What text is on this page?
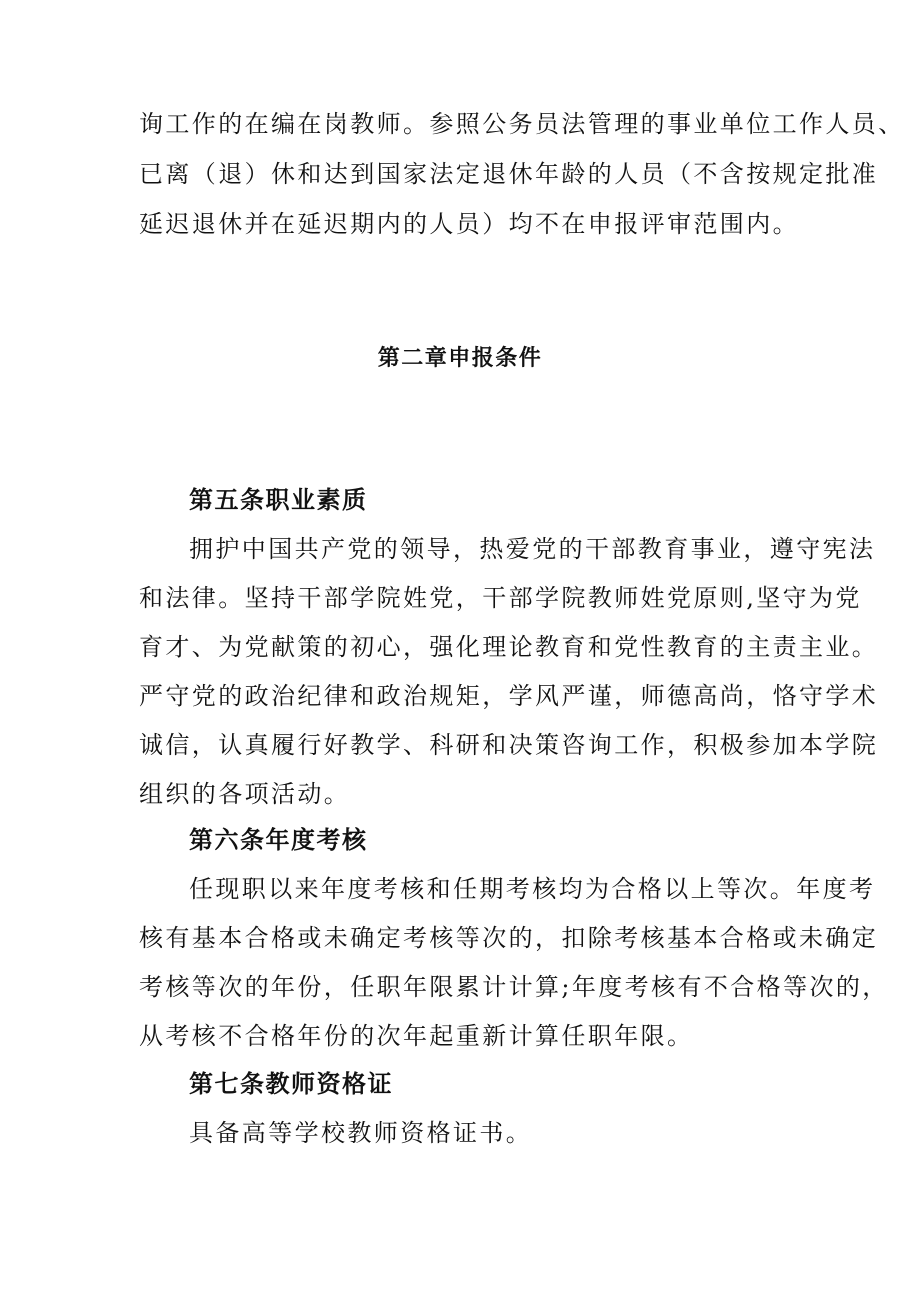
询工作的在编在岗教师。参照公务员法管理的事业单位工作人员、
已离（退）休和达到国家法定退休年龄的人员（不含按规定批准
延迟退休并在延迟期内的人员）均不在申报评审范围内。
第二章申报条件
第五条职业素质
拥护中国共产党的领导，热爱党的干部教育事业，遵守宪法
和法律。坚持干部学院姓党，干部学院教师姓党原则,坚守为党
育才、为党献策的初心，强化理论教育和党性教育的主责主业。
严守党的政治纪律和政治规矩，学风严谨，师德高尚，恪守学术
诚信，认真履行好教学、科研和决策咨询工作，积极参加本学院
组织的各项活动。
第六条年度考核
任现职以来年度考核和任期考核均为合格以上等次。年度考
核有基本合格或未确定考核等次的，扣除考核基本合格或未确定
考核等次的年份，任职年限累计计算;年度考核有不合格等次的，
从考核不合格年份的次年起重新计算任职年限。
第七条教师资格证
具备高等学校教师资格证书。
